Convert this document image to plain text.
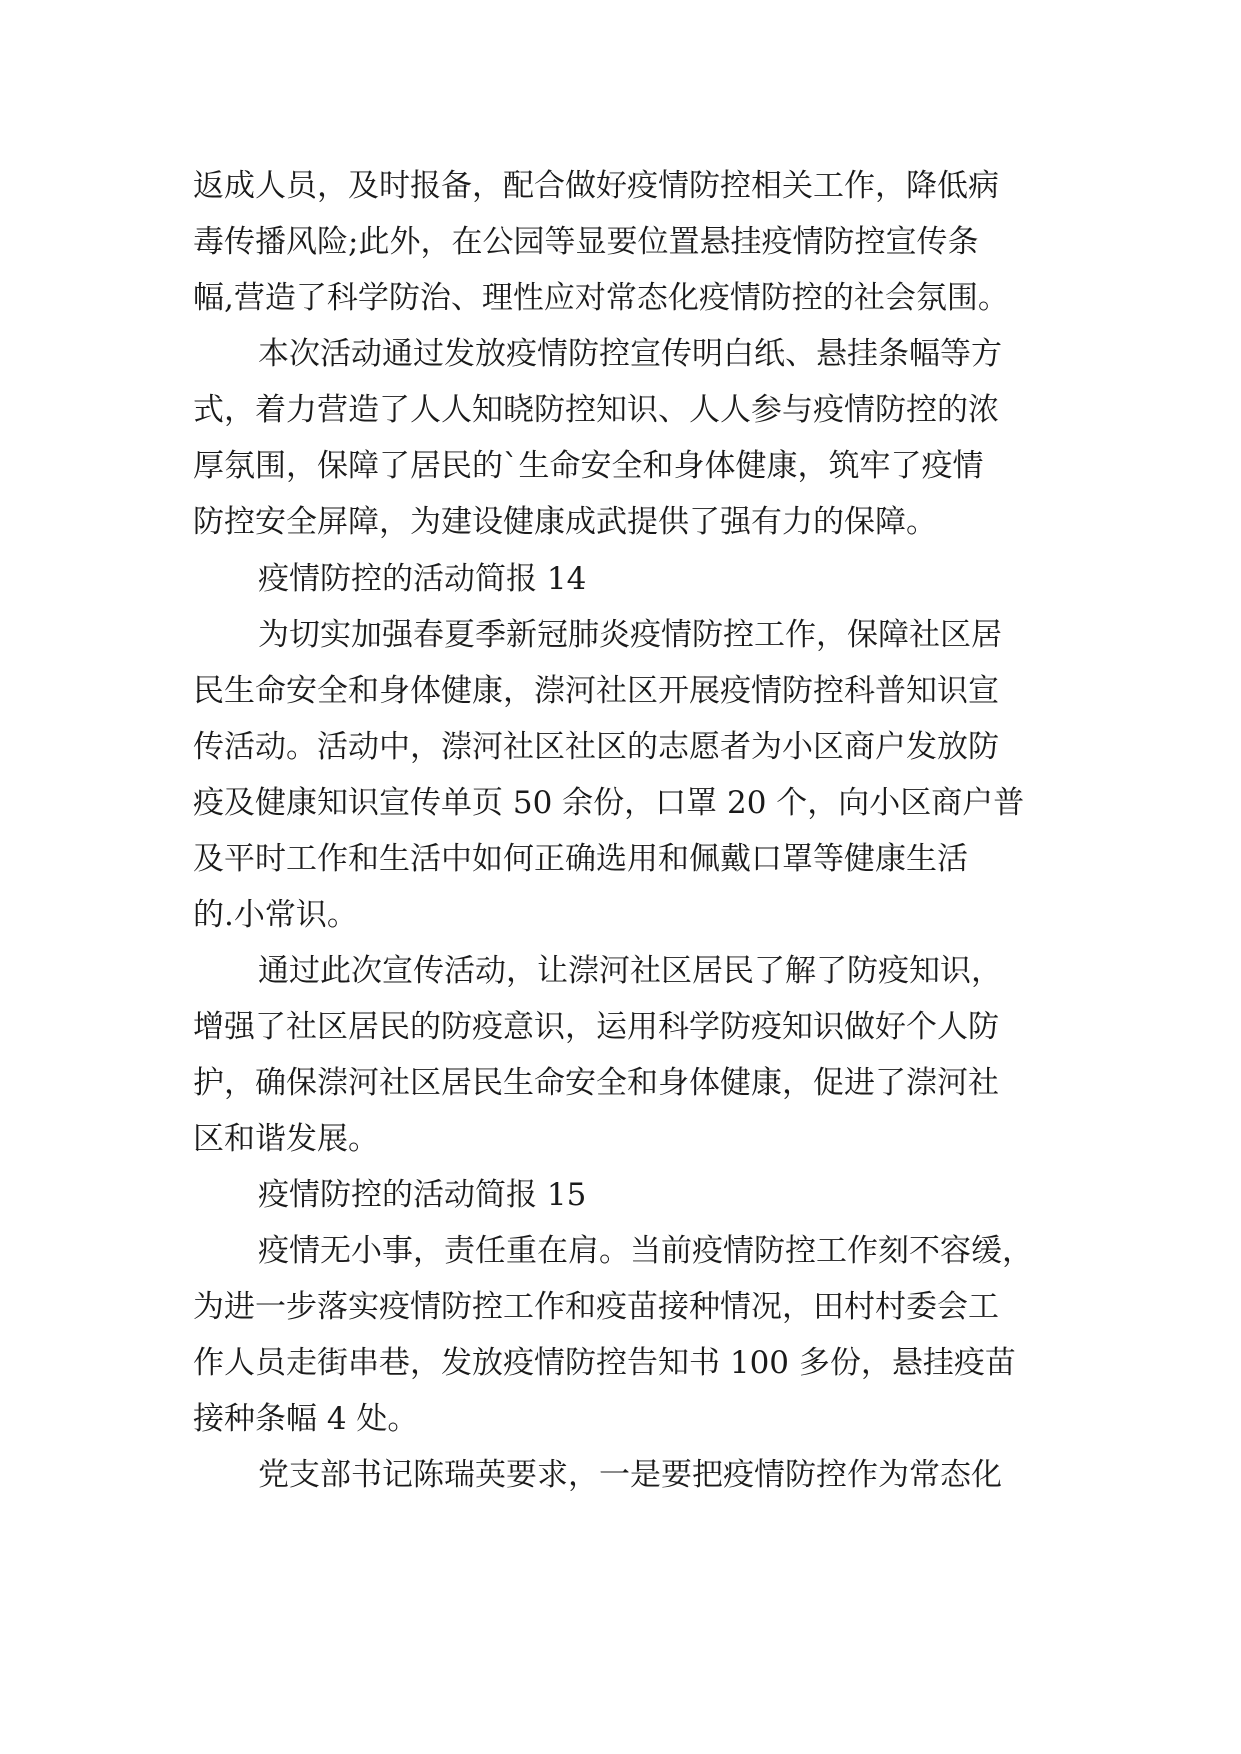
返成人员，及时报备，配合做好疫情防控相关工作，降低病
毒传播风险;此外，在公园等显要位置悬挂疫情防控宣传条
幅,营造了科学防治、理性应对常态化疫情防控的社会氛围。
本次活动通过发放疫情防控宣传明白纸、悬挂条幅等方
式，着力营造了人人知晓防控知识、人人参与疫情防控的浓
厚氛围，保障了居民的`生命安全和身体健康，筑牢了疫情
防控安全屏障，为建设健康成武提供了强有力的保障。
疫情防控的活动简报 14
为切实加强春夏季新冠肺炎疫情防控工作，保障社区居
民生命安全和身体健康，漴河社区开展疫情防控科普知识宣
传活动。活动中，漴河社区社区的志愿者为小区商户发放防
疫及健康知识宣传单页 50 余份，口罩 20 个，向小区商户普
及平时工作和生活中如何正确选用和佩戴口罩等健康生活
的.小常识。
通过此次宣传活动，让漴河社区居民了解了防疫知识，
增强了社区居民的防疫意识，运用科学防疫知识做好个人防
护，确保漴河社区居民生命安全和身体健康，促进了漴河社
区和谐发展。
疫情防控的活动简报 15
疫情无小事，责任重在肩。当前疫情防控工作刻不容缓，
为进一步落实疫情防控工作和疫苗接种情况，田村村委会工
作人员走街串巷，发放疫情防控告知书 100 多份，悬挂疫苗
接种条幅 4 处。
党支部书记陈瑞英要求，一是要把疫情防控作为常态化
